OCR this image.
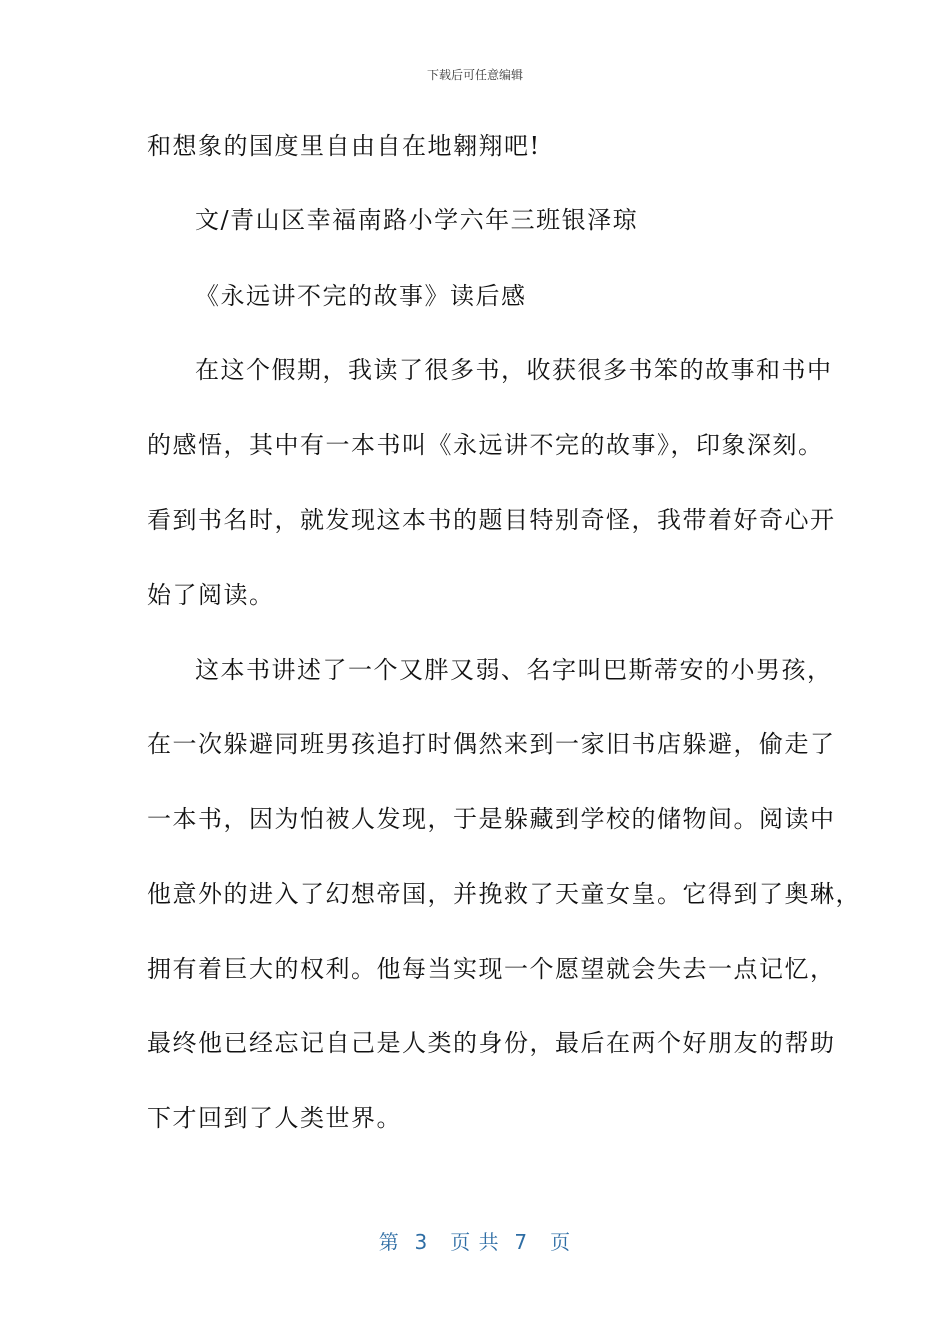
下载后可任意编辑
和想象的国度里自由自在地翱翔吧!
文/青山区幸福南路小学六年三班银泽琼
《永远讲不完的故事》读后感
在这个假期，我读了很多书，收获很多书笨的故事和书中
的感悟，其中有一本书叫《永远讲不完的故事》，印象深刻。
看到书名时，就发现这本书的题目特别奇怪，我带着好奇心开
始了阅读。
这本书讲述了一个又胖又弱、名字叫巴斯蒂安的小男孩，
在一次躲避同班男孩追打时偶然来到一家旧书店躲避，偷走了
一本书，因为怕被人发现，于是躲藏到学校的储物间。阅读中
他意外的进入了幻想帝国，并挽救了天童女皇。它得到了奥琳，
拥有着巨大的权利。他每当实现一个愿望就会失去一点记忆，
最终他已经忘记自己是人类的身份，最后在两个好朋友的帮助
下才回到了人类世界。
第  3   页 共  7   页
